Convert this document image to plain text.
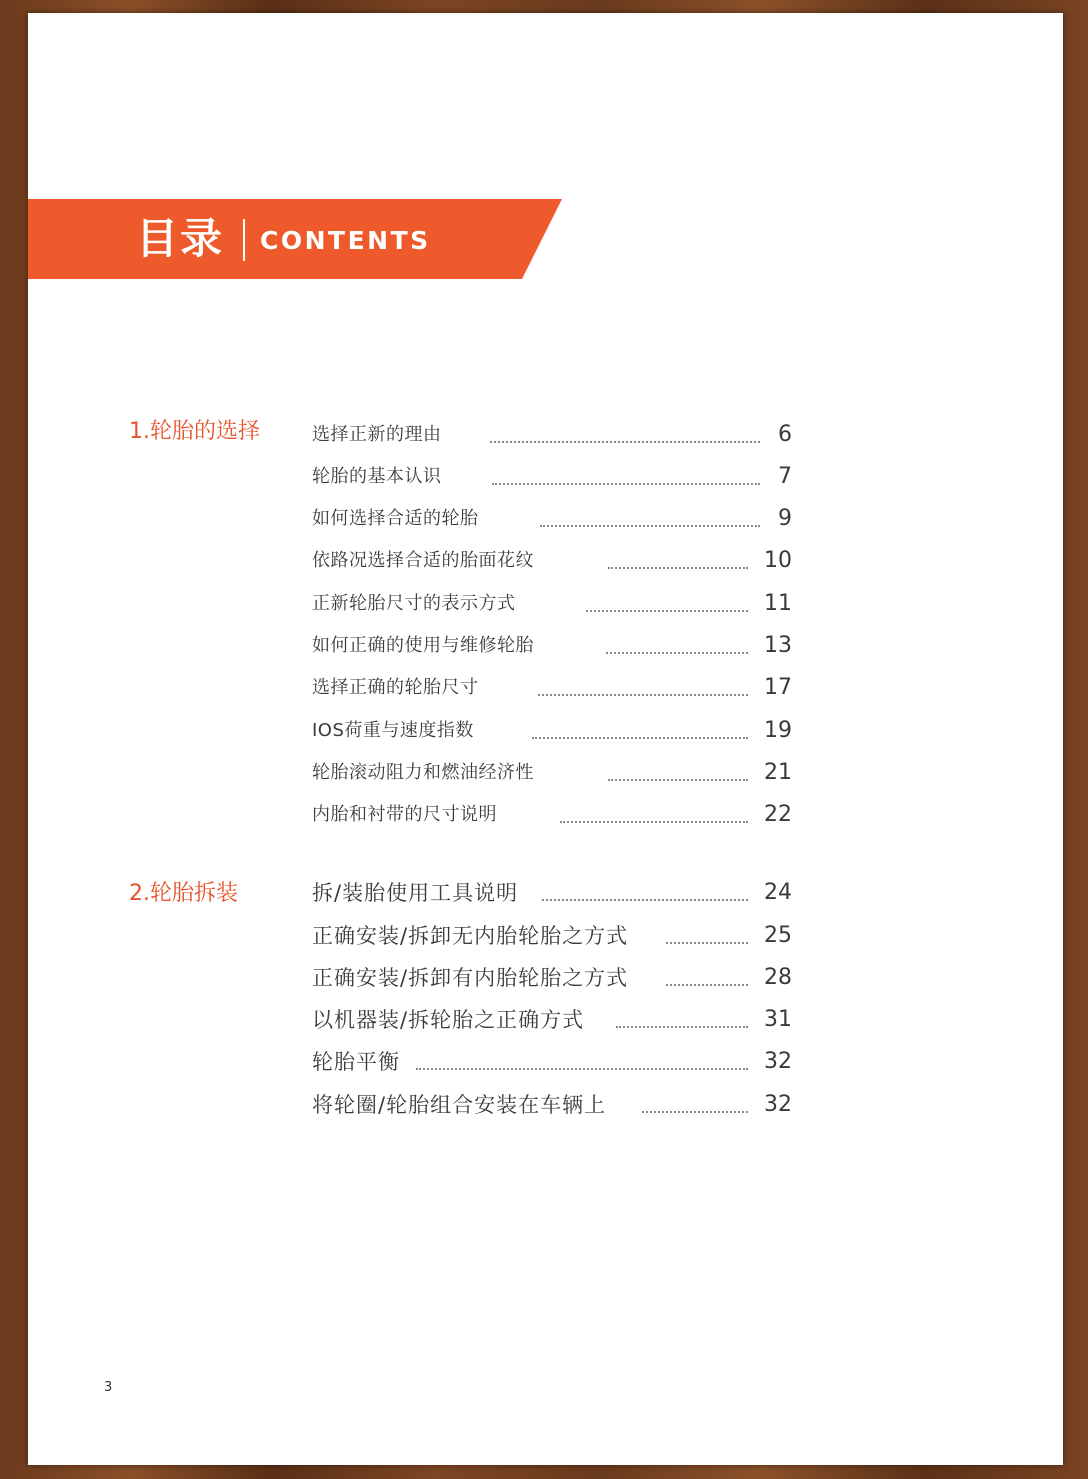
目录 CONTENTS
1.轮胎的选择	选择正新的理由	6
轮胎的基本认识	7
如何选择合适的轮胎	9
依路况选择合适的胎面花纹	10
正新轮胎尺寸的表示方式	11
如何正确的使用与维修轮胎	13
选择正确的轮胎尺寸	17
IOS荷重与速度指数	19
轮胎滚动阻力和燃油经济性	21
内胎和衬带的尺寸说明	22
2.轮胎拆装	拆/装胎使用工具说明	24
正确安装/拆卸无内胎轮胎之方式	25
正确安装/拆卸有内胎轮胎之方式	28
以机器装/拆轮胎之正确方式	31
轮胎平衡	32
将轮圈/轮胎组合安装在车辆上	32
3
